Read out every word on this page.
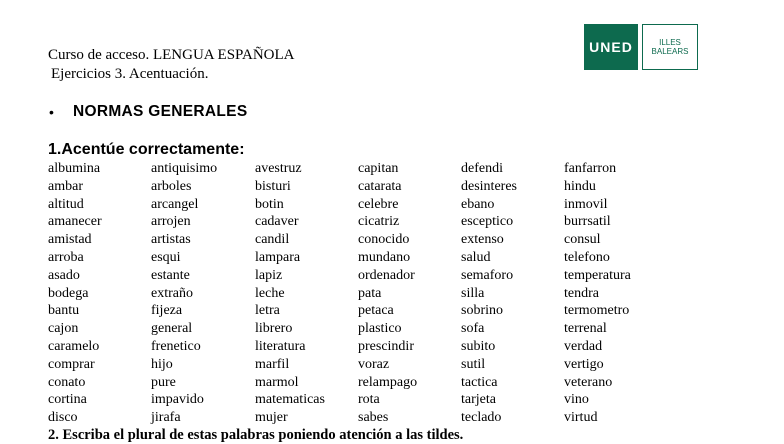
Curso de acceso. LENGUA ESPAÑOLA
Ejercicios 3. Acentuación.
UNED	ILLES
BALEARS
•	NORMAS GENERALES
1.Acentúe correctamente:
albumina
ambar
altitud
amanecer
amistad
arroba
asado
bodega
bantu
cajon
caramelo
comprar
conato
cortina
disco
antiquisimo
arboles
arcangel
arrojen
artistas
esqui
estante
extraño
fijeza
general
frenetico
hijo
pure
impavido
jirafa
avestruz
bisturi
botin
cadaver
candil
lampara
lapiz
leche
letra
librero
literatura
marfil
marmol
matematicas
mujer
capitan
catarata
celebre
cicatriz
conocido
mundano
ordenador
pata
petaca
plastico
prescindir
voraz
relampago
rota
sabes
defendi
desinteres
ebano
esceptico
extenso
salud
semaforo
silla
sobrino
sofa
subito
sutil
tactica
tarjeta
teclado
fanfarron
hindu
inmovil
burrsatil
consul
telefono
temperatura
tendra
termometro
terrenal
verdad
vertigo
veterano
vino
virtud
2. Escriba el plural de estas palabras poniendo atención a las tildes.
